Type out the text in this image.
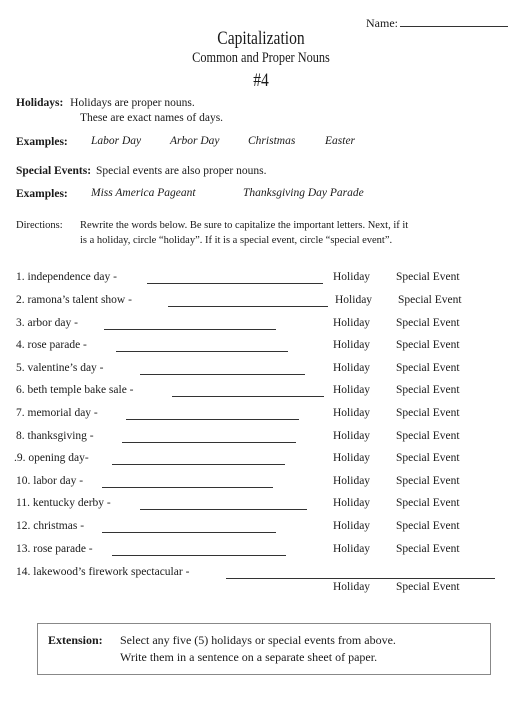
Capitalization
Common and Proper Nouns
#4
Name:
Holidays: Holidays are proper nouns.
These are exact names of days.
Examples: Labor Day	Arbor Day Christmas	Easter
Special Events: Special events are also proper nouns.
Examples: Miss America Pageant	Thanksgiving Day Parade
Directions: Rewrite the words below. Be sure to capitalize the important letters. Next, if it
is a holiday, circle “holiday”. If it is a special event, circle “special event”.
1. independence day -	Holiday Special Event
2. ramona’s talent show -	Holiday Special Event
3. arbor day -	Holiday Special Event
4. rose parade -	Holiday Special Event
5. valentine’s day -	Holiday Special Event
6. beth temple bake sale -	Holiday Special Event
7. memorial day -	Holiday Special Event
8. thanksgiving -	Holiday Special Event
.9. opening day-	Holiday Special Event
10. labor day -	Holiday Special Event
11. kentucky derby -	Holiday Special Event
12. christmas -	Holiday Special Event
13. rose parade -	Holiday Special Event
14. lakewood’s firework spectacular -
Holiday Special Event
Extension: Select any five (5) holidays or special events from above.
Write them in a sentence on a separate sheet of paper.
